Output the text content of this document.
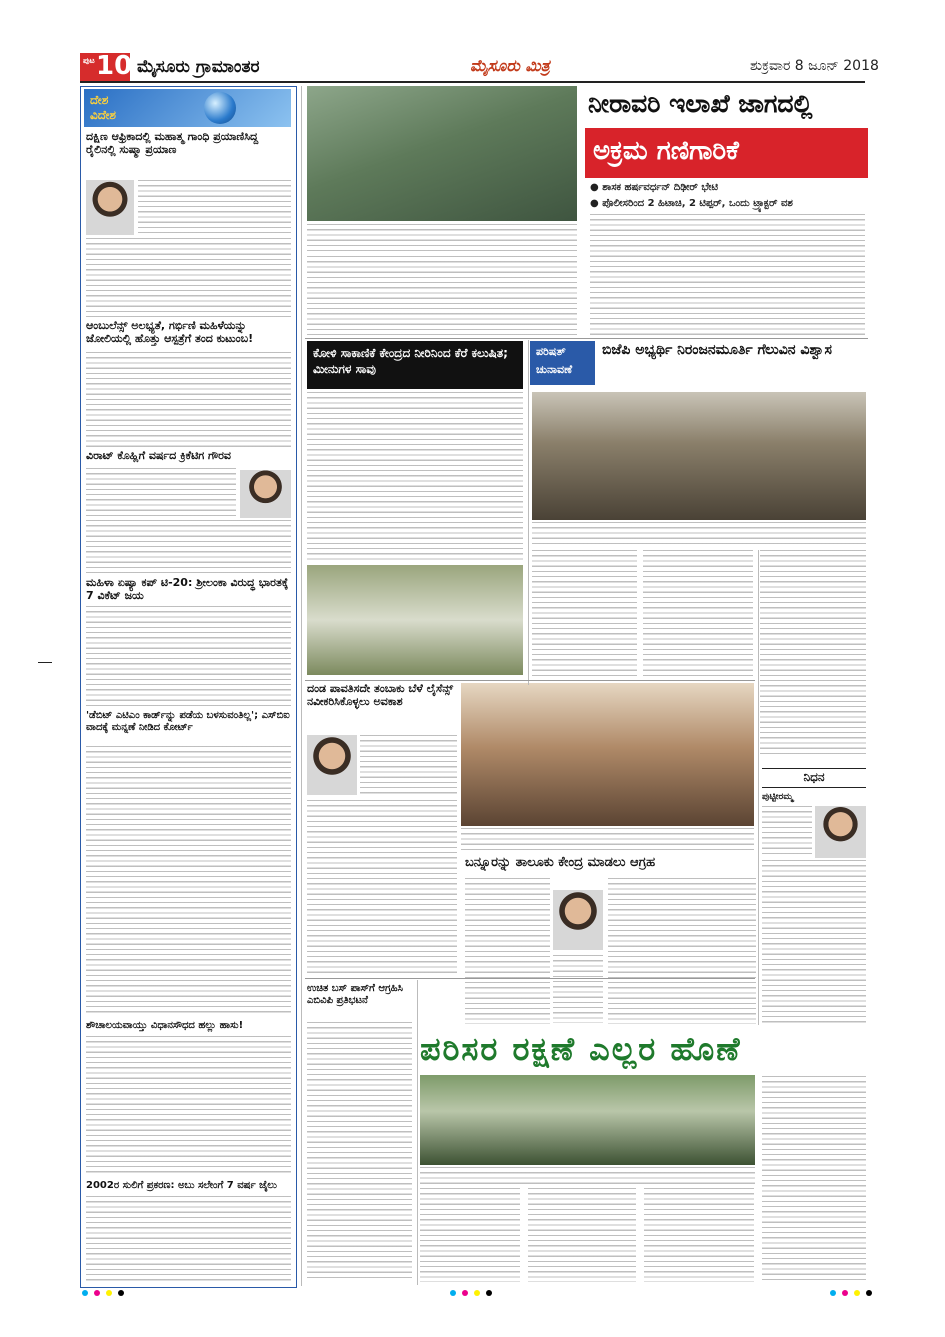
ಪುಟ 10 ಮೈಸೂರು ಗ್ರಾಮಾಂತರ	ಮೈಸೂರು ಮಿತ್ರ	ಶುಕ್ರವಾರ 8 ಜೂನ್ 2018
ದೇಶ
ವಿದೇಶ
ದಕ್ಷಿಣ ಆಫ್ರಿಕಾದಲ್ಲಿ ಮಹಾತ್ಮ ಗಾಂಧಿ ಪ್ರಯಾಣಿಸಿದ್ದ ರೈಲಿನಲ್ಲಿ ಸುಷ್ಮಾ ಪ್ರಯಾಣ
ಆಂಬುಲೆನ್ಸ್ ಅಲಭ್ಯತೆ, ಗರ್ಭಿಣಿ ಮಹಿಳೆಯನ್ನು ಜೋಲಿಯಲ್ಲಿ ಹೊತ್ತು ಆಸ್ಪತ್ರೆಗೆ ತಂದ ಕುಟುಂಬ!
ವಿರಾಟ್ ಕೊಹ್ಲಿಗೆ ವರ್ಷದ ಕ್ರಿಕೆಟಿಗ ಗೌರವ
ಮಹಿಳಾ ಏಷ್ಯಾ ಕಪ್ ಟಿ-20: ಶ್ರೀಲಂಕಾ ವಿರುದ್ಧ ಭಾರತಕ್ಕೆ 7 ವಿಕೆಟ್ ಜಯ
'ಡೆಬಿಟ್ ಎಟಿಎಂ ಕಾರ್ಡ್‌ನ್ನು ಪಡೆಯ ಬಳಸುವಂತಿಲ್ಲ'; ಎಸ್‌ಬಿಐ ವಾದಕ್ಕೆ ಮನ್ನಣೆ ನೀಡಿದ ಕೋರ್ಟ್
ಶೌಚಾಲಯವಾಯ್ತು ವಿಧಾನಸೌಧದ ಹಲ್ಲು ಹಾಸು!
2002ರ ಸುಲಿಗೆ ಪ್ರಕರಣ: ಅಬು ಸಲೇಂಗೆ 7 ವರ್ಷ ಜೈಲು
ನೀರಾವರಿ ಇಲಾಖೆ ಜಾಗದಲ್ಲಿ
ಅಕ್ರಮ ಗಣಿಗಾರಿಕೆ
● ಶಾಸಕ ಹರ್ಷವರ್ಧನ್ ದಿಢೀರ್ ಭೇಟಿ
● ಪೊಲೀಸರಿಂದ 2 ಹಿಟಾಚಿ, 2 ಟಿಪ್ಪರ್, ಒಂದು ಟ್ರ್ಯಾಕ್ಟರ್ ವಶ
ಕೋಳಿ ಸಾಕಾಣಿಕೆ ಕೇಂದ್ರದ ನೀರಿನಿಂದ ಕೆರೆ ಕಲುಷಿತ; ಮೀನುಗಳ ಸಾವು
ಪರಿಷತ್
ಚುನಾವಣೆ
ಬಿಜೆಪಿ ಅಭ್ಯರ್ಥಿ ನಿರಂಜನಮೂರ್ತಿ ಗೆಲುವಿನ ವಿಶ್ವಾಸ
ದಂಡ ಪಾವತಿಸದೇ ತಂಬಾಕು ಬೆಳೆ ಲೈಸೆನ್ಸ್ ನವೀಕರಿಸಿಕೊಳ್ಳಲು ಅವಕಾಶ
ನಿಧನ
ಪುಟ್ಟೀರಮ್ಮ
ಬನ್ನೂರನ್ನು ತಾಲೂಕು ಕೇಂದ್ರ ಮಾಡಲು ಆಗ್ರಹ
ಉಚಿತ ಬಸ್ ಪಾಸ್‌ಗೆ ಆಗ್ರಹಿಸಿ ಎಬಿವಿಪಿ ಪ್ರತಿಭಟನೆ
ಪರಿಸರ ರಕ್ಷಣೆ ಎಲ್ಲರ ಹೊಣೆ
